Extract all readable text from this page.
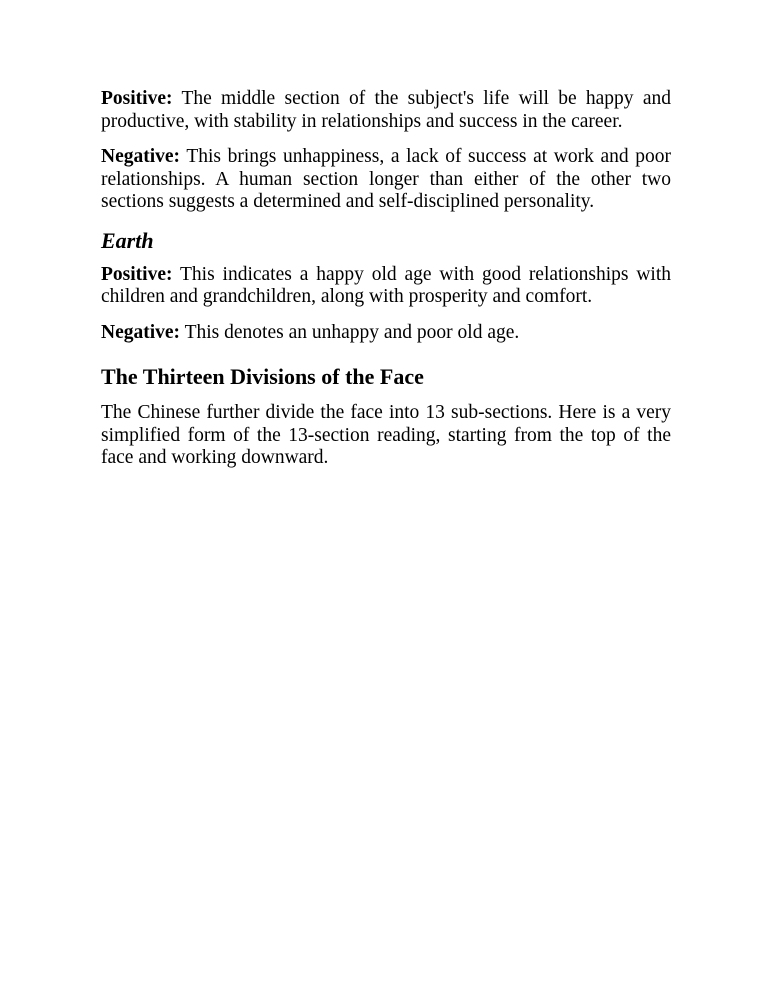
Positive: The middle section of the subject's life will be happy and productive, with stability in relationships and success in the career.

Negative: This brings unhappiness, a lack of success at work and poor relationships. A human section longer than either of the other two sections suggests a determined and self-disciplined personality.

Earth

Positive: This indicates a happy old age with good relationships with children and grandchildren, along with prosperity and comfort.

Negative: This denotes an unhappy and poor old age.

The Thirteen Divisions of the Face

The Chinese further divide the face into 13 sub-sections. Here is a very simplified form of the 13-section reading, starting from the top of the face and working downward.
